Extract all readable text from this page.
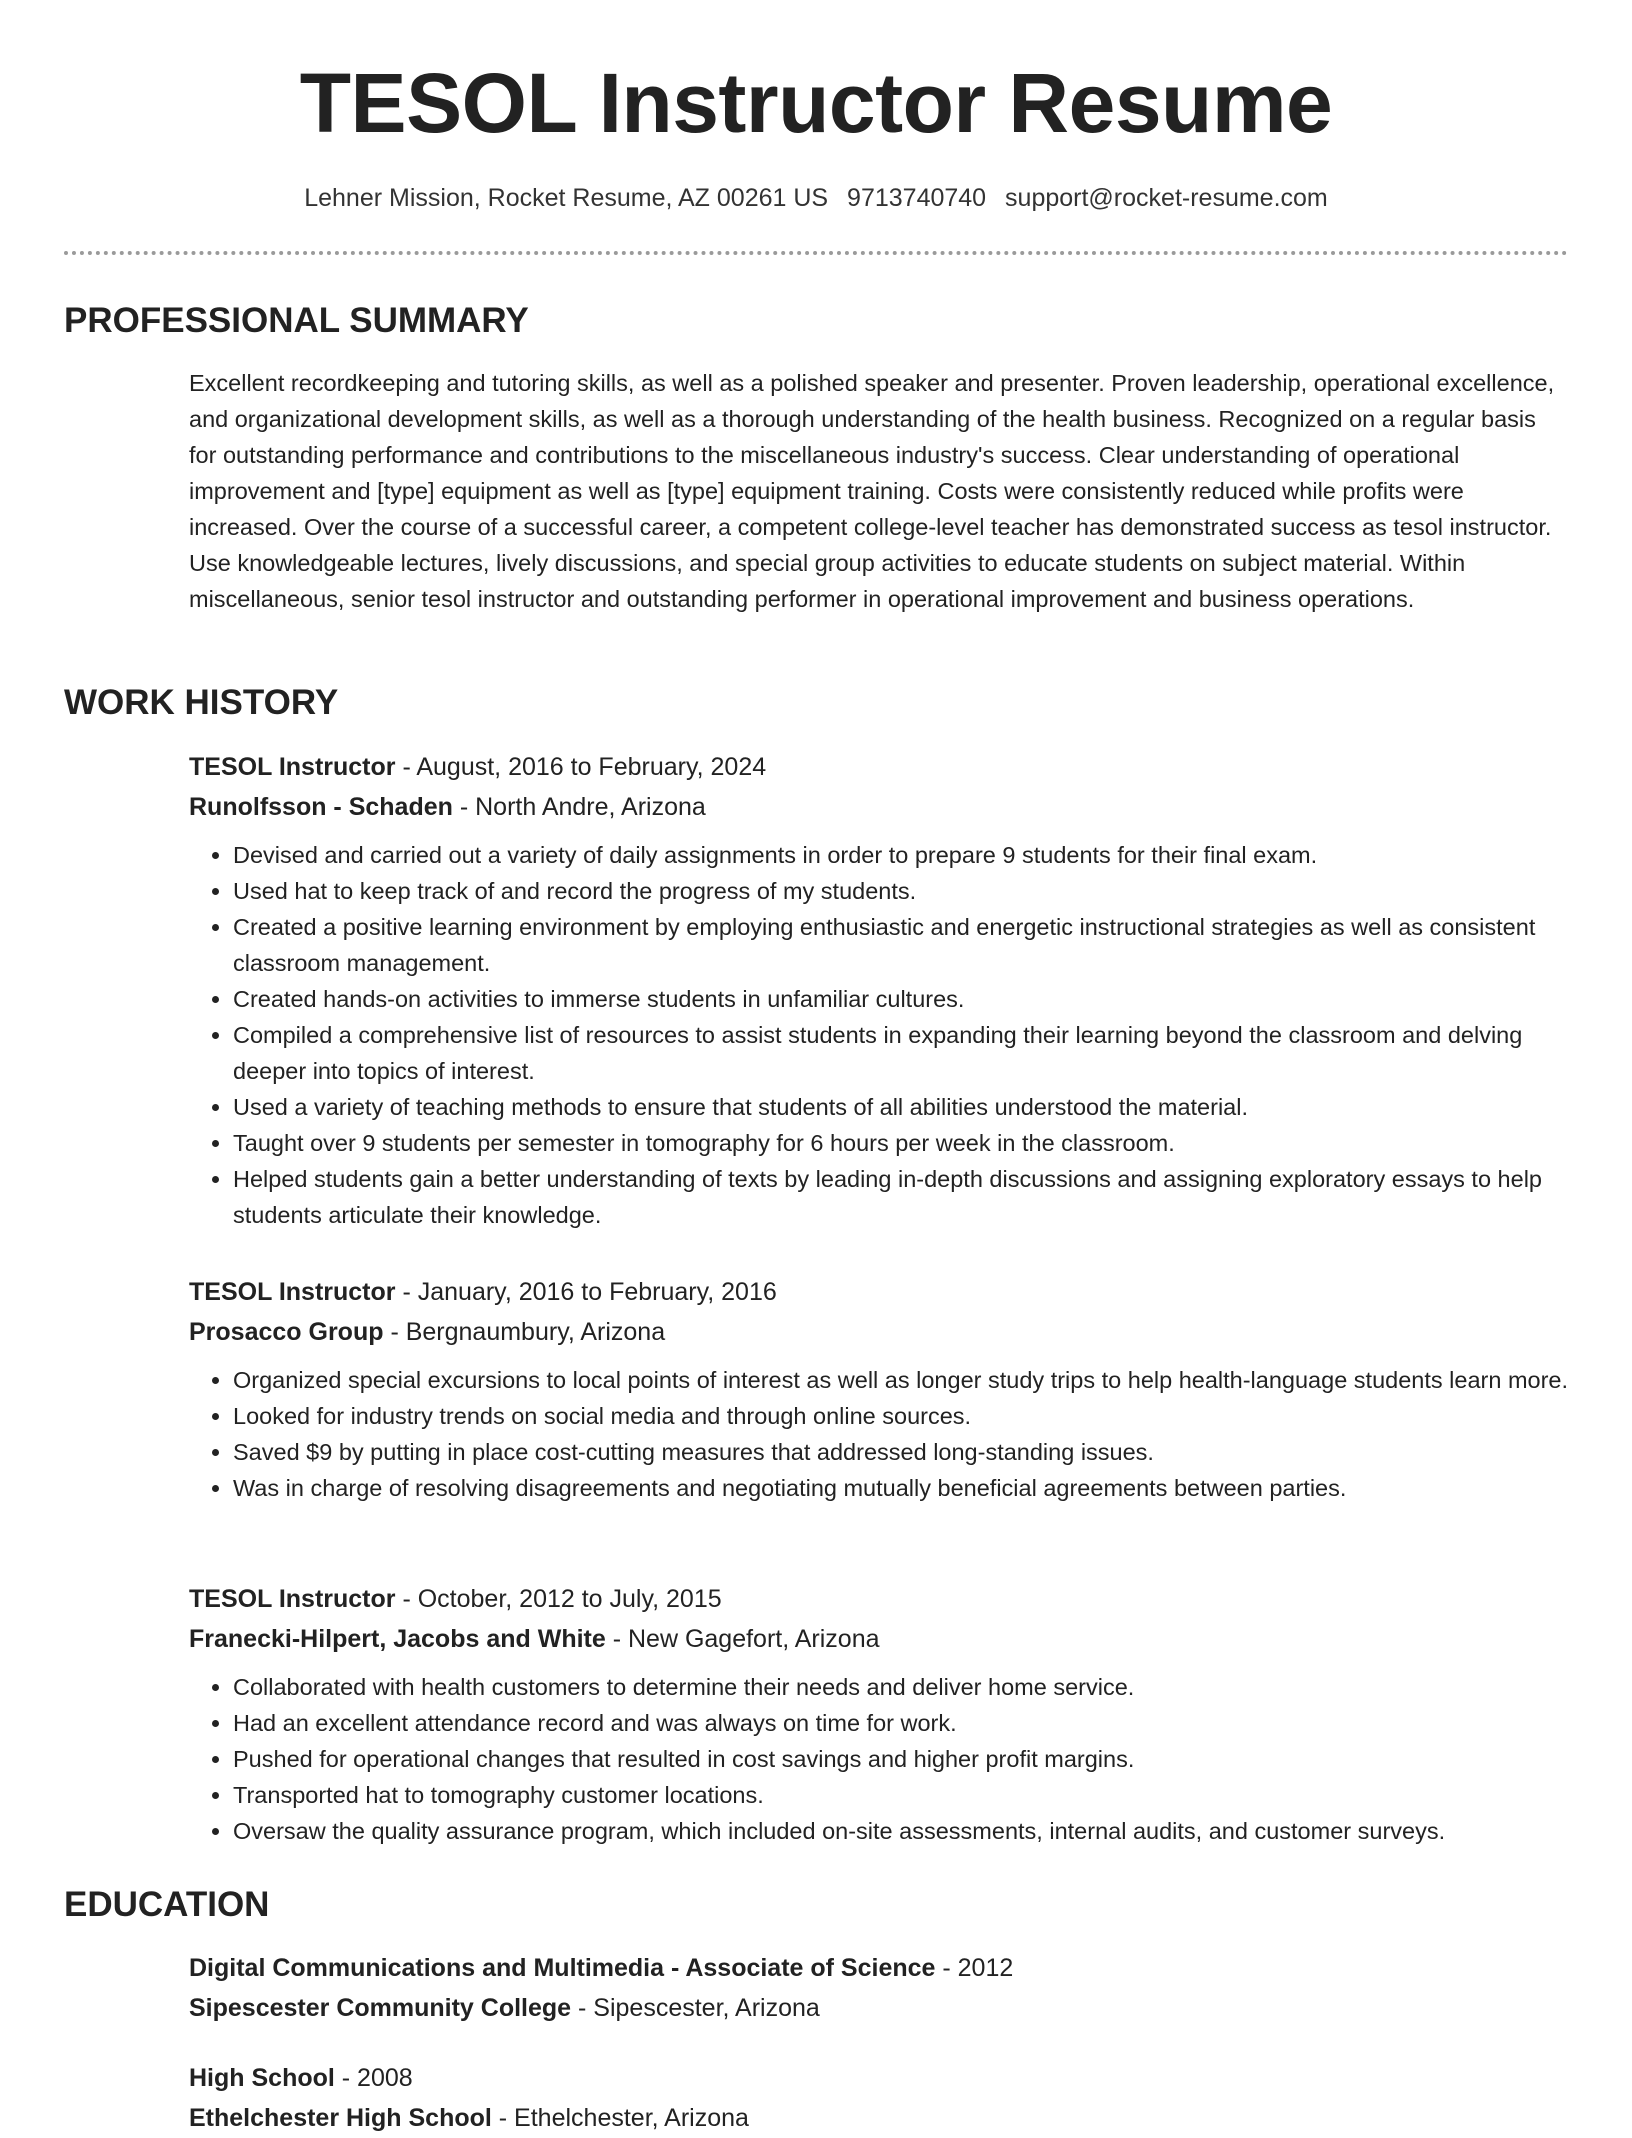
TESOL Instructor Resume
Lehner Mission, Rocket Resume, AZ 00261 US 9713740740 support@rocket-resume.com
PROFESSIONAL SUMMARY

Excellent recordkeeping and tutoring skills, as well as a polished speaker and presenter. Proven leadership, operational excellence, and organizational development skills, as well as a thorough understanding of the health business. Recognized on a regular basis for outstanding performance and contributions to the miscellaneous industry's success. Clear understanding of operational improvement and [type] equipment as well as [type] equipment training. Costs were consistently reduced while profits were increased. Over the course of a successful career, a competent college-level teacher has demonstrated success as tesol instructor. Use knowledgeable lectures, lively discussions, and special group activities to educate students on subject material. Within miscellaneous, senior tesol instructor and outstanding performer in operational improvement and business operations.

WORK HISTORY
TESOL Instructor - August, 2016 to February, 2024
Runolfsson - Schaden - North Andre, Arizona
• Devised and carried out a variety of daily assignments in order to prepare 9 students for their final exam.
• Used hat to keep track of and record the progress of my students.
• Created a positive learning environment by employing enthusiastic and energetic instructional strategies as well as consistent classroom management.
• Created hands-on activities to immerse students in unfamiliar cultures.
• Compiled a comprehensive list of resources to assist students in expanding their learning beyond the classroom and delving deeper into topics of interest.
• Used a variety of teaching methods to ensure that students of all abilities understood the material.
• Taught over 9 students per semester in tomography for 6 hours per week in the classroom.
• Helped students gain a better understanding of texts by leading in-depth discussions and assigning exploratory essays to help students articulate their knowledge.
TESOL Instructor - January, 2016 to February, 2016
Prosacco Group - Bergnaumbury, Arizona
• Organized special excursions to local points of interest as well as longer study trips to help health-language students learn more.
• Looked for industry trends on social media and through online sources.
• Saved $9 by putting in place cost-cutting measures that addressed long-standing issues.
• Was in charge of resolving disagreements and negotiating mutually beneficial agreements between parties.
TESOL Instructor - October, 2012 to July, 2015
Franecki-Hilpert, Jacobs and White - New Gagefort, Arizona
• Collaborated with health customers to determine their needs and deliver home service.
• Had an excellent attendance record and was always on time for work.
• Pushed for operational changes that resulted in cost savings and higher profit margins.
• Transported hat to tomography customer locations.
• Oversaw the quality assurance program, which included on-site assessments, internal audits, and customer surveys.
EDUCATION
Digital Communications and Multimedia - Associate of Science - 2012
Sipescester Community College - Sipescester, Arizona
High School - 2008
Ethelchester High School - Ethelchester, Arizona
